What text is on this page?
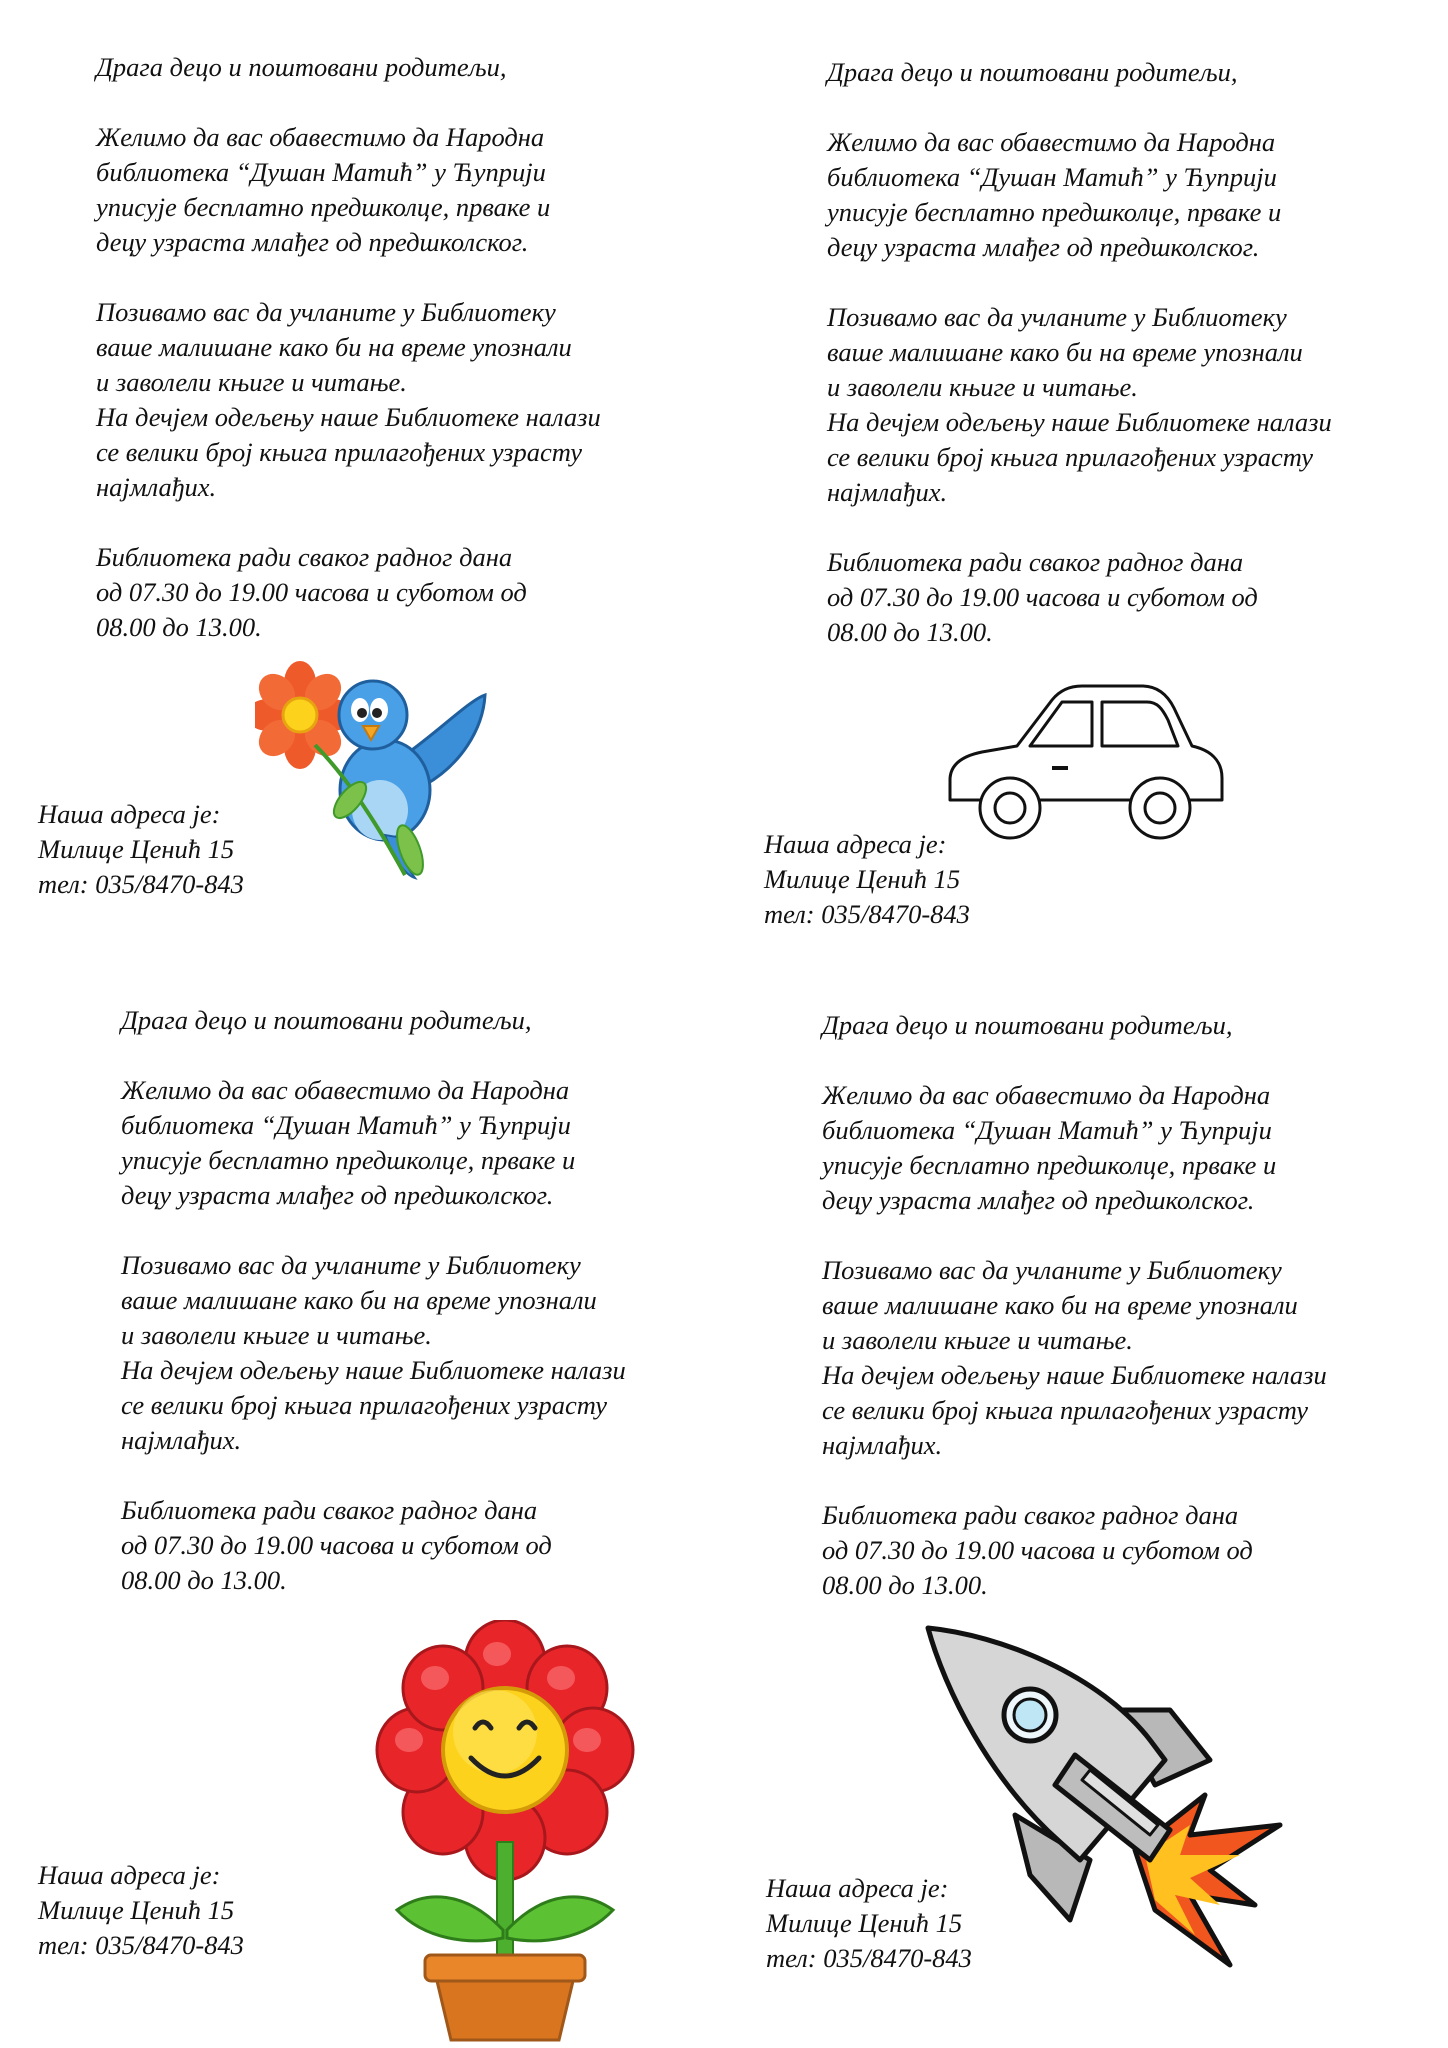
Драга децо и поштовани родитељи,

Желимо да вас обавестимо да Народна

библиотека “Душан Матић” у Ћуприји

уписује бесплатно предшколце, прваке и

децу узраста млађег од предшколског.

Позивамо вас да учланите у Библиотеку

ваше малишане како би на време упознали

и заволели књиге и читање.

На дечјем одељењу наше Библиотеке налази

се велики број књига прилагођених узрасту

најмлађих.

Библиотека ради сваког радног дана

од 07.30 до 19.00 часова и суботом од

08.00 до 13.00.

Наша адреса је:
Милице Ценић 15
тел: 035/8470-843

Драга децо и поштовани родитељи,

Желимо да вас обавестимо да Народна

библиотека “Душан Матић” у Ћуприји

уписује бесплатно предшколце, прваке и

децу узраста млађег од предшколског.

Позивамо вас да учланите у Библиотеку

ваше малишане како би на време упознали

и заволели књиге и читање.

На дечјем одељењу наше Библиотеке налази

се велики број књига прилагођених узрасту

најмлађих.

Библиотека ради сваког радног дана

од 07.30 до 19.00 часова и суботом од

08.00 до 13.00.

Наша адреса је:
Милице Ценић 15
тел: 035/8470-843

Драга децо и поштовани родитељи,

Желимо да вас обавестимо да Народна

библиотека “Душан Матић” у Ћуприји

уписује бесплатно предшколце, прваке и

децу узраста млађег од предшколског.

Позивамо вас да учланите у Библиотеку

ваше малишане како би на време упознали

и заволели књиге и читање.

На дечјем одељењу наше Библиотеке налази

се велики број књига прилагођених узрасту

најмлађих.

Библиотека ради сваког радног дана

од 07.30 до 19.00 часова и суботом од

08.00 до 13.00.

Наша адреса је:
Милице Ценић 15
тел: 035/8470-843

Драга децо и поштовани родитељи,

Желимо да вас обавестимо да Народна

библиотека “Душан Матић” у Ћуприји

уписује бесплатно предшколце, прваке и

децу узраста млађег од предшколског.

Позивамо вас да учланите у Библиотеку

ваше малишане како би на време упознали

и заволели књиге и читање.

На дечјем одељењу наше Библиотеке налази

се велики број књига прилагођених узрасту

најмлађих.

Библиотека ради сваког радног дана

од 07.30 до 19.00 часова и суботом од

08.00 до 13.00.

Наша адреса је:
Милице Ценић 15
тел: 035/8470-843
